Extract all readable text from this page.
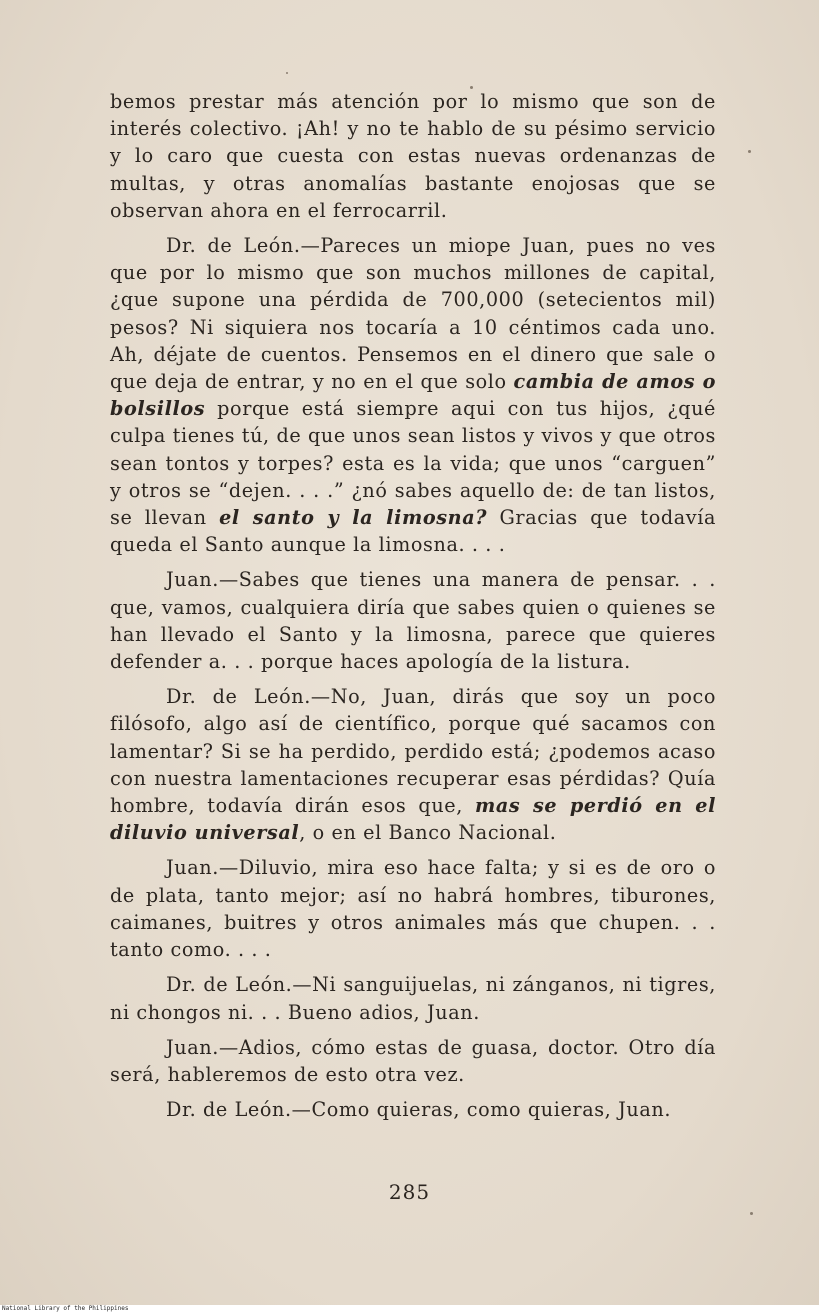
bemos prestar más atención por lo mismo que son de interés colectivo. ¡Ah! y no te hablo de su pésimo servicio y lo caro que cuesta con estas nuevas ordenanzas de multas, y otras anomalías bastante enojosas que se observan ahora en el ferrocarril.

Dr. de León.—Pareces un miope Juan, pues no ves que por lo mismo que son muchos millones de capital, ¿que supone una pérdida de 700,000 (setecientos mil) pesos? Ni siquiera nos tocaría a 10 céntimos cada uno. Ah, déjate de cuentos. Pensemos en el dinero que sale o que deja de entrar, y no en el que solo cambia de amos o bolsillos porque está siempre aqui con tus hijos, ¿qué culpa tienes tú, de que unos sean listos y vivos y que otros sean tontos y torpes? esta es la vida; que unos “carguen” y otros se “dejen. . . .” ¿nó sabes aquello de: de tan listos, se llevan el santo y la limosna? Gracias que todavía queda el Santo aunque la limosna. . . .

Juan.—Sabes que tienes una manera de pensar. . . que, vamos, cualquiera diría que sabes quien o quienes se han llevado el Santo y la limosna, parece que quieres defender a. . . porque haces apología de la listura.

Dr. de León.—No, Juan, dirás que soy un poco filósofo, algo así de científico, porque qué sacamos con lamentar? Si se ha perdido, perdido está; ¿podemos acaso con nuestra lamentaciones recuperar esas pérdidas? Quía hombre, todavía dirán esos que, mas se perdió en el diluvio universal, o en el Banco Nacional.

Juan.—Diluvio, mira eso hace falta; y si es de oro o de plata, tanto mejor; así no habrá hombres, tiburones, caimanes, buitres y otros animales más que chupen. . . tanto como. . . .

Dr. de León.—Ni sanguijuelas, ni zánganos, ni tigres, ni chongos ni. . . Bueno adios, Juan.

Juan.—Adios, cómo estas de guasa, doctor. Otro día será, hableremos de esto otra vez.

Dr. de León.—Como quieras, como quieras, Juan.

285
National Library of the Philippines
